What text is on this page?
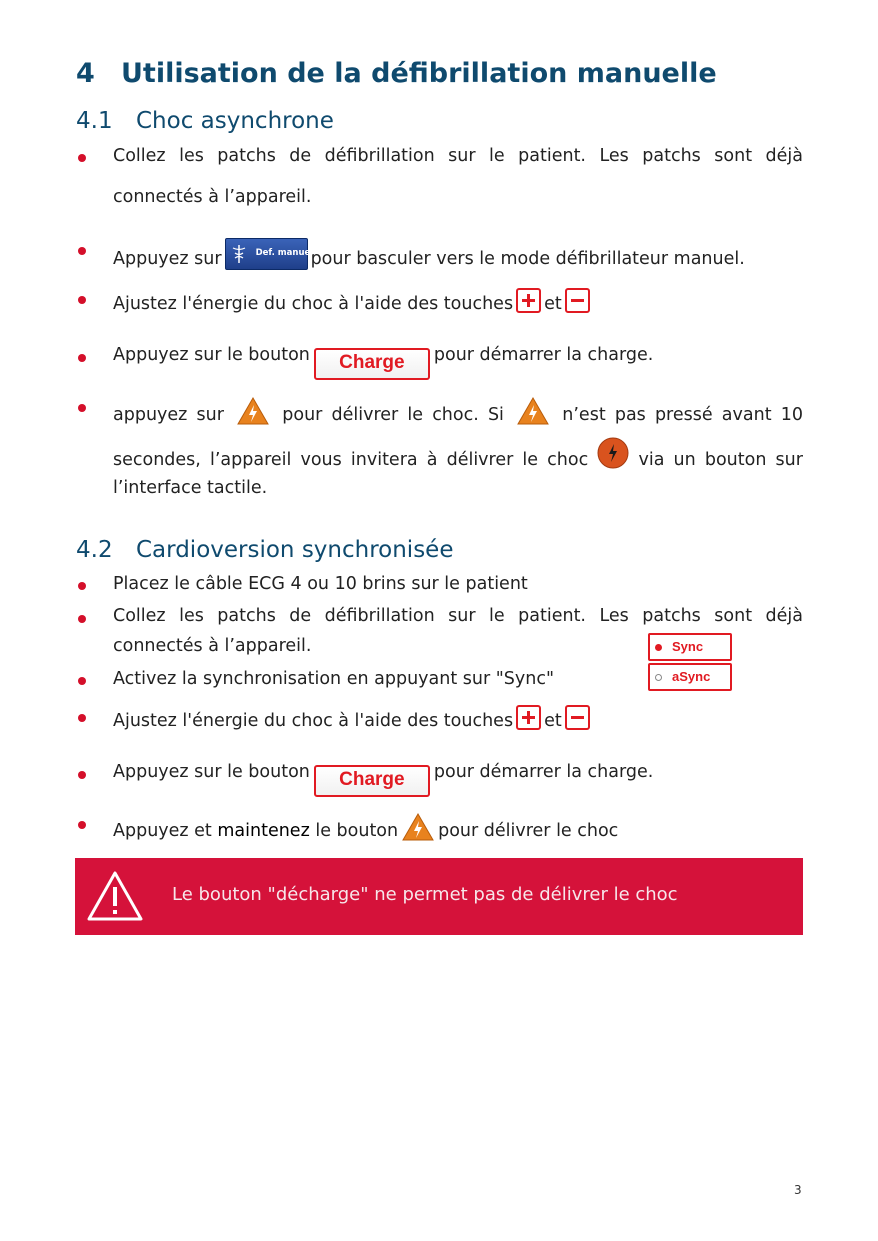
4 Utilisation de la défibrillation manuelle
4.1 Choc asynchrone
Collez les patchs de défibrillation sur le patient. Les patchs sont déjà
connectés à l’appareil.
Appuyez sur	Def. manuel
pour basculer vers le mode défibrillateur manuel.
Ajustez l'énergie du choc à l'aide des touches et
Appuyez sur le bouton Charge pour démarrer la charge.
appuyez sur	pour délivrer le choc. Si	n’est pas pressé avant 10
secondes, l’appareil vous invitera à délivrer le choc	via un bouton sur
l’interface tactile.
4.2 Cardioversion synchronisée
Placez le câble ECG 4 ou 10 brins sur le patient
Collez les patchs de défibrillation sur le patient. Les patchs sont déjà
connectés à l’appareil.
Activez la synchronisation en appuyant sur "Sync"
Sync
aSync
Ajustez l'énergie du choc à l'aide des touches et
Appuyez sur le bouton Charge pour démarrer la charge.
Appuyez et maintenez le bouton pour délivrer le choc
Le bouton "décharge" ne permet pas de délivrer le choc
3
